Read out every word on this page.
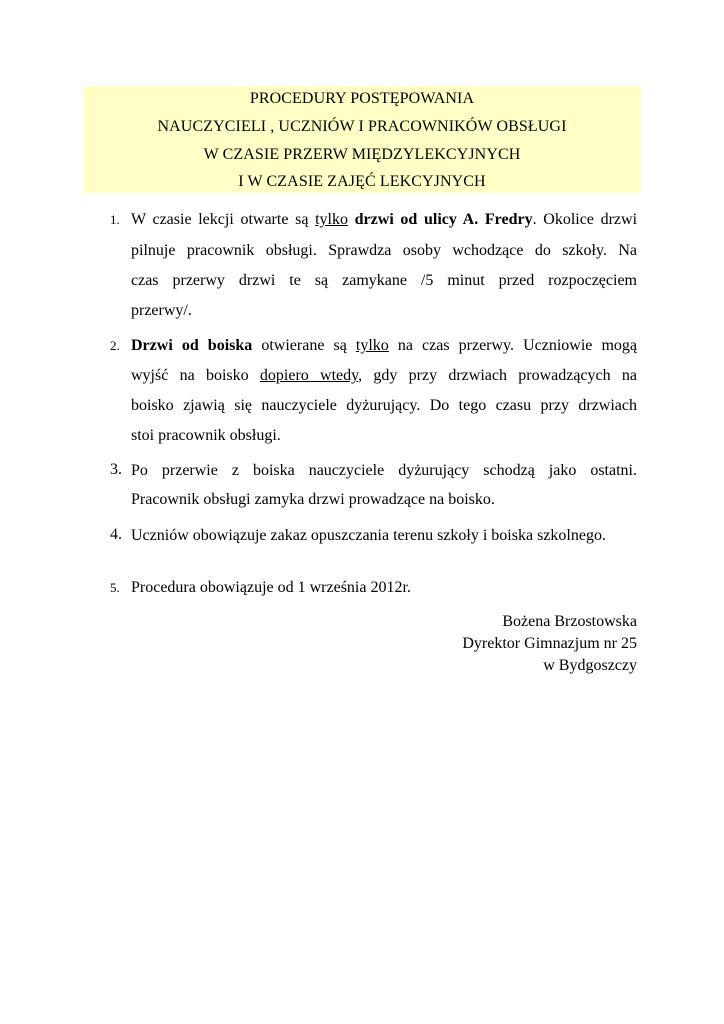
PROCEDURY POSTĘPOWANIA
NAUCZYCIELI , UCZNIÓW I PRACOWNIKÓW OBSŁUGI
W CZASIE PRZERW MIĘDZYLEKCYJNYCH
I W CZASIE ZAJĘĆ LEKCYJNYCH
1. W czasie lekcji otwarte są tylko drzwi od ulicy A. Fredry. Okolice drzwi
pilnuje pracownik obsługi. Sprawdza osoby wchodzące do szkoły. Na
czas przerwy drzwi te są zamykane /5 minut przed rozpoczęciem
przerwy/.
2. Drzwi od boiska otwierane są tylko na czas przerwy. Uczniowie mogą
wyjść na boisko dopiero wtedy, gdy przy drzwiach prowadzących na
boisko zjawią się nauczyciele dyżurujący. Do tego czasu przy drzwiach
stoi pracownik obsługi.
3. Po przerwie z boiska nauczyciele dyżurujący schodzą jako ostatni.
Pracownik obsługi zamyka drzwi prowadzące na boisko.
4. Uczniów obowiązuje zakaz opuszczania terenu szkoły i boiska szkolnego.
5. Procedura obowiązuje od 1 września 2012r.
Bożena Brzostowska
Dyrektor Gimnazjum nr 25
w Bydgoszczy
